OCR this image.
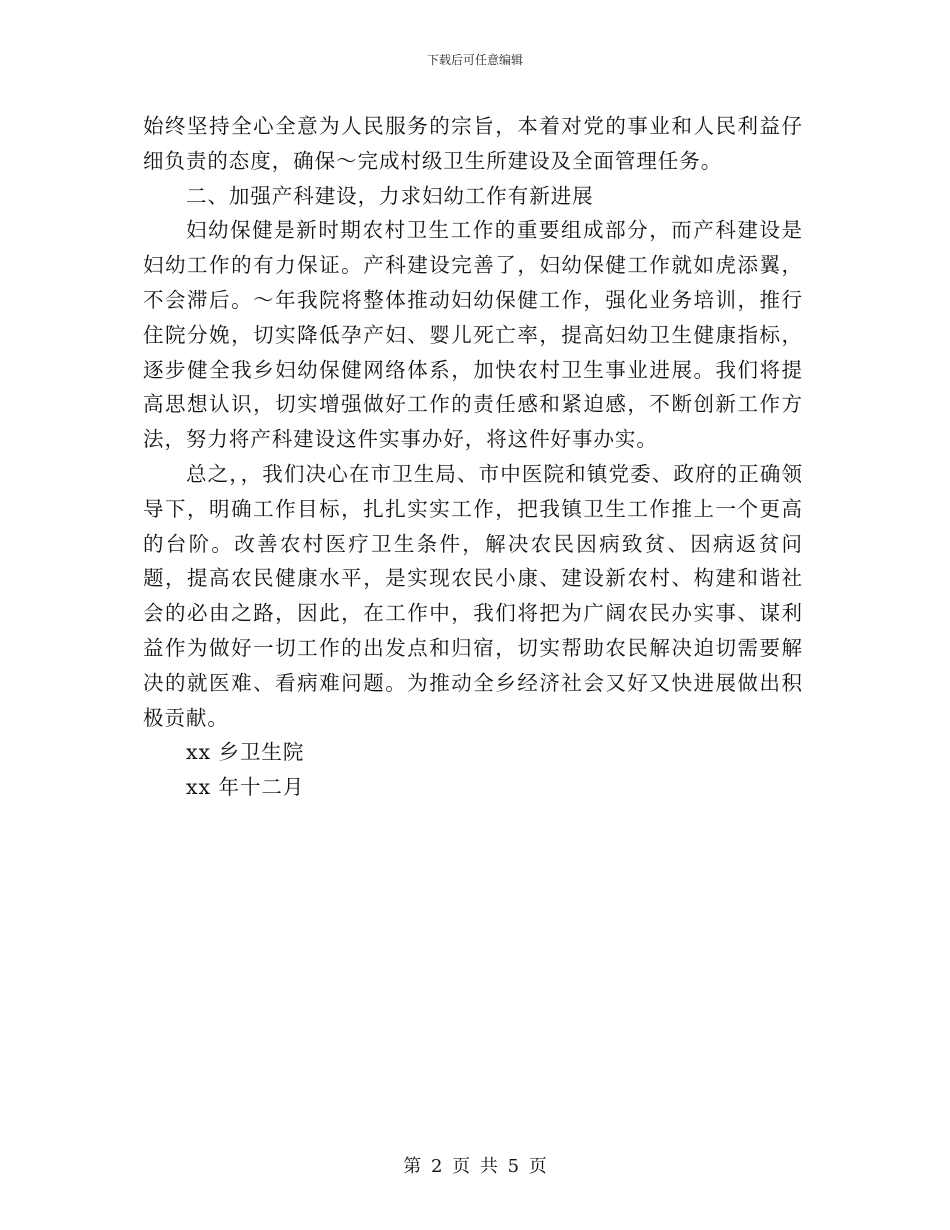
下载后可任意编辑

始终坚持全心全意为人民服务的宗旨，本着对党的事业和人民利益仔细负责的态度，确保～完成村级卫生所建设及全面管理任务。

二、加强产科建设，力求妇幼工作有新进展

妇幼保健是新时期农村卫生工作的重要组成部分，而产科建设是妇幼工作的有力保证。产科建设完善了，妇幼保健工作就如虎添翼，不会滞后。～年我院将整体推动妇幼保健工作，强化业务培训，推行住院分娩，切实降低孕产妇、婴儿死亡率，提高妇幼卫生健康指标，逐步健全我乡妇幼保健网络体系，加快农村卫生事业进展。我们将提高思想认识，切实增强做好工作的责任感和紧迫感，不断创新工作方法，努力将产科建设这件实事办好，将这件好事办实。

总之，，我们决心在市卫生局、市中医院和镇党委、政府的正确领导下，明确工作目标，扎扎实实工作，把我镇卫生工作推上一个更高的台阶。改善农村医疗卫生条件，解决农民因病致贫、因病返贫问题，提高农民健康水平，是实现农民小康、建设新农村、构建和谐社会的必由之路，因此，在工作中，我们将把为广阔农民办实事、谋利益作为做好一切工作的出发点和归宿，切实帮助农民解决迫切需要解决的就医难、看病难问题。为推动全乡经济社会又好又快进展做出积极贡献。

xx 乡卫生院

xx 年十二月

第 2 页 共 5 页
